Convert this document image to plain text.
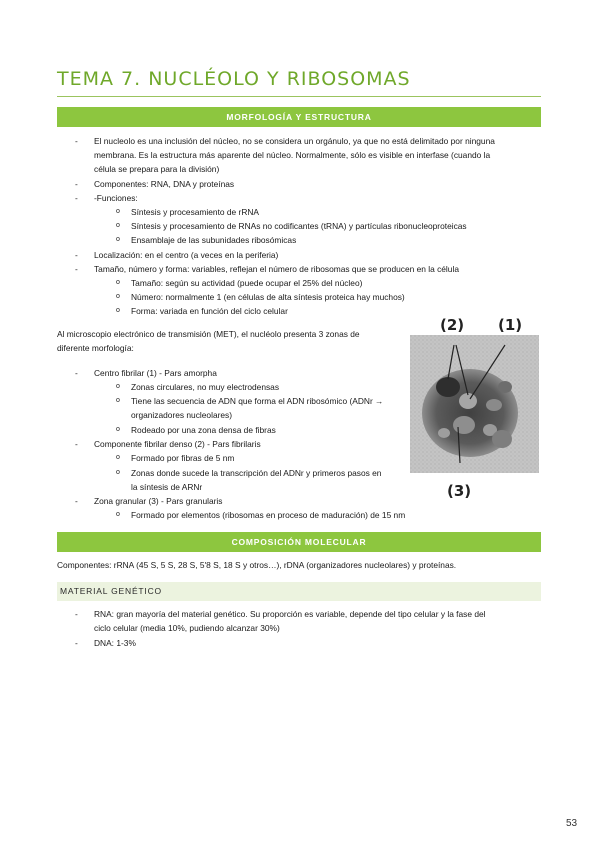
TEMA 7. NUCLÉOLO Y RIBOSOMAS
MORFOLOGÍA Y ESTRUCTURA
- El nucleolo es una inclusión del núcleo, no se considera un orgánulo, ya que no está delimitado por ninguna
membrana. Es la estructura más aparente del núcleo. Normalmente, sólo es visible en interfase (cuando la
célula se prepara para la división)
- Componentes: RNA, DNA y proteínas
- -Funciones:
o Síntesis y procesamiento de rRNA
o Síntesis y procesamiento de RNAs no codificantes (tRNA) y partículas ribonucleoproteicas
o Ensamblaje de las subunidades ribosómicas
- Localización: en el centro (a veces en la periferia)
- Tamaño, número y forma: variables, reflejan el número de ribosomas que se producen en la célula
o Tamaño: según su actividad (puede ocupar el 25% del núcleo)
o Número: normalmente 1 (en células de alta síntesis proteica hay muchos)
o Forma: variada en función del ciclo celular
Al microscopio electrónico de transmisión (MET), el nucléolo presenta 3 zonas de
diferente morfología:
- Centro fibrilar (1) - Pars amorpha
o Zonas circulares, no muy electrodensas
o Tiene las secuencia de ADN que forma el ADN ribosómico (ADNr →
organizadores nucleolares)
o Rodeado por una zona densa de fibras
- Componente fibrilar denso (2) - Pars fibrilaris
o Formado por fibras de 5 nm
o Zonas donde sucede la transcripción del ADNr y primeros pasos en
la síntesis de ARNr
- Zona granular (3) - Pars granularis
o Formado por elementos (ribosomas en proceso de maduración) de 15 nm
(2) (1)
(3)
COMPOSICIÓN MOLECULAR
Componentes: rRNA (45 S, 5 S, 28 S, 5'8 S, 18 S y otros…), rDNA (organizadores nucleolares) y proteínas.
MATERIAL GENÉTICO
- RNA: gran mayoría del material genético. Su proporción es variable, depende del tipo celular y la fase del
ciclo celular (media 10%, pudiendo alcanzar 30%)
- DNA: 1-3%
53
